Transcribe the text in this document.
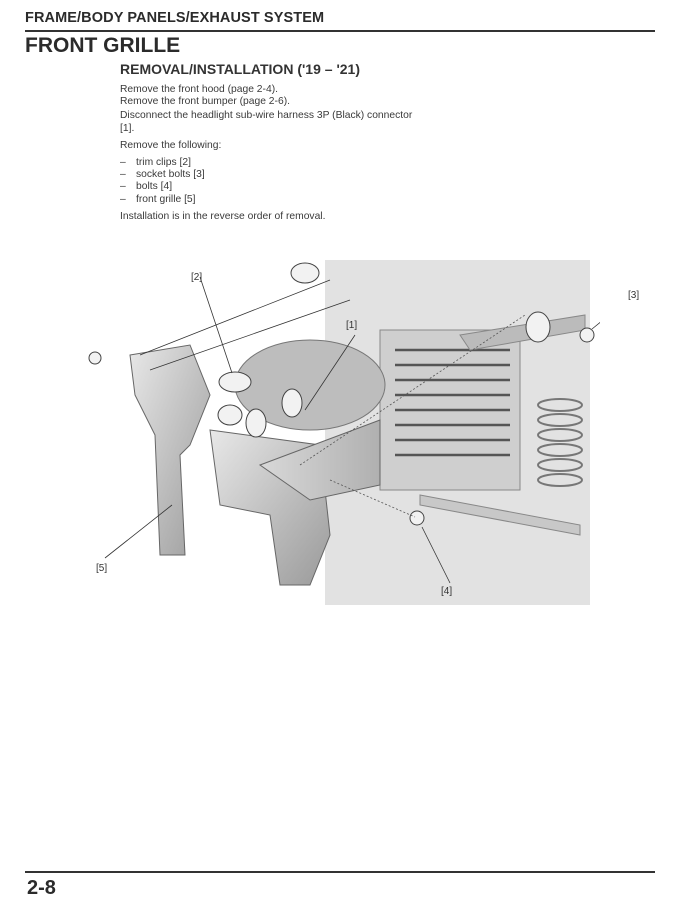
FRAME/BODY PANELS/EXHAUST SYSTEM
FRONT GRILLE
REMOVAL/INSTALLATION ('19 – '21)

Remove the front hood (page 2-4).
Remove the front bumper (page 2-6).

Disconnect the headlight sub-wire harness 3P (Black) connector [1].

Remove the following:

– trim clips [2]
– socket bolts [3]
– bolts [4]
– front grille [5]

Installation is in the reverse order of removal.

[1]
[2]
[3]
[4]
[5]
2-8
